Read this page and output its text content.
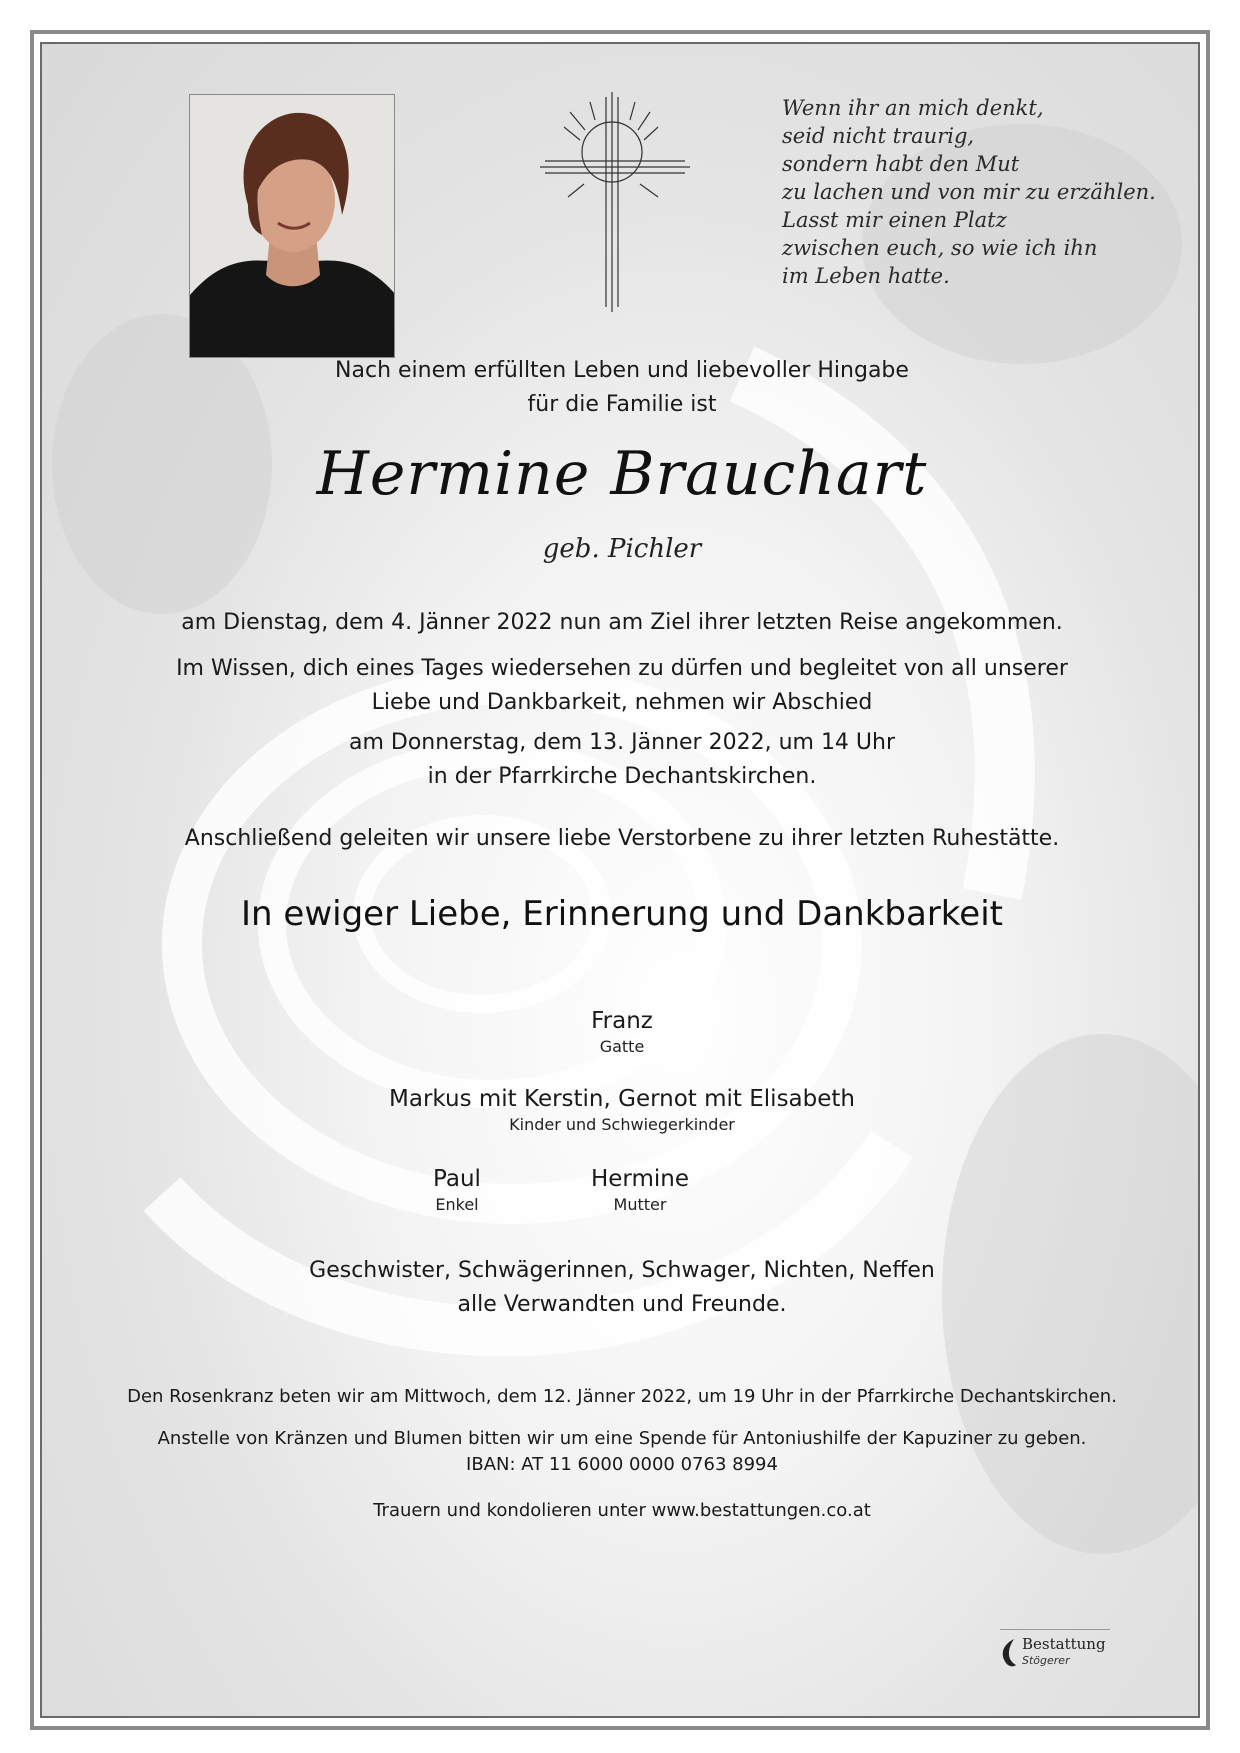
Wenn ihr an mich denkt,
seid nicht traurig,
sondern habt den Mut
zu lachen und von mir zu erzählen.
Lasst mir einen Platz
zwischen euch, so wie ich ihn
im Leben hatte.
Nach einem erfüllten Leben und liebevoller Hingabe
für die Familie ist
Hermine Brauchart
geb. Pichler
am Dienstag, dem 4. Jänner 2022 nun am Ziel ihrer letzten Reise angekommen.
Im Wissen, dich eines Tages wiedersehen zu dürfen und begleitet von all unserer
Liebe und Dankbarkeit, nehmen wir Abschied
am Donnerstag, dem 13. Jänner 2022, um 14 Uhr
in der Pfarrkirche Dechantskirchen.
Anschließend geleiten wir unsere liebe Verstorbene zu ihrer letzten Ruhestätte.
In ewiger Liebe, Erinnerung und Dankbarkeit
Franz
Gatte
Markus mit Kerstin, Gernot mit Elisabeth
Kinder und Schwiegerkinder
Paul
Enkel
Hermine
Mutter
Geschwister, Schwägerinnen, Schwager, Nichten, Neffen
alle Verwandten und Freunde.
Den Rosenkranz beten wir am Mittwoch, dem 12. Jänner 2022, um 19 Uhr in der Pfarrkirche Dechantskirchen.
Anstelle von Kränzen und Blumen bitten wir um eine Spende für Antoniushilfe der Kapuziner zu geben.
IBAN: AT 11 6000 0000 0763 8994
Trauern und kondolieren unter www.bestattungen.co.at
Bestattung
Stögerer
